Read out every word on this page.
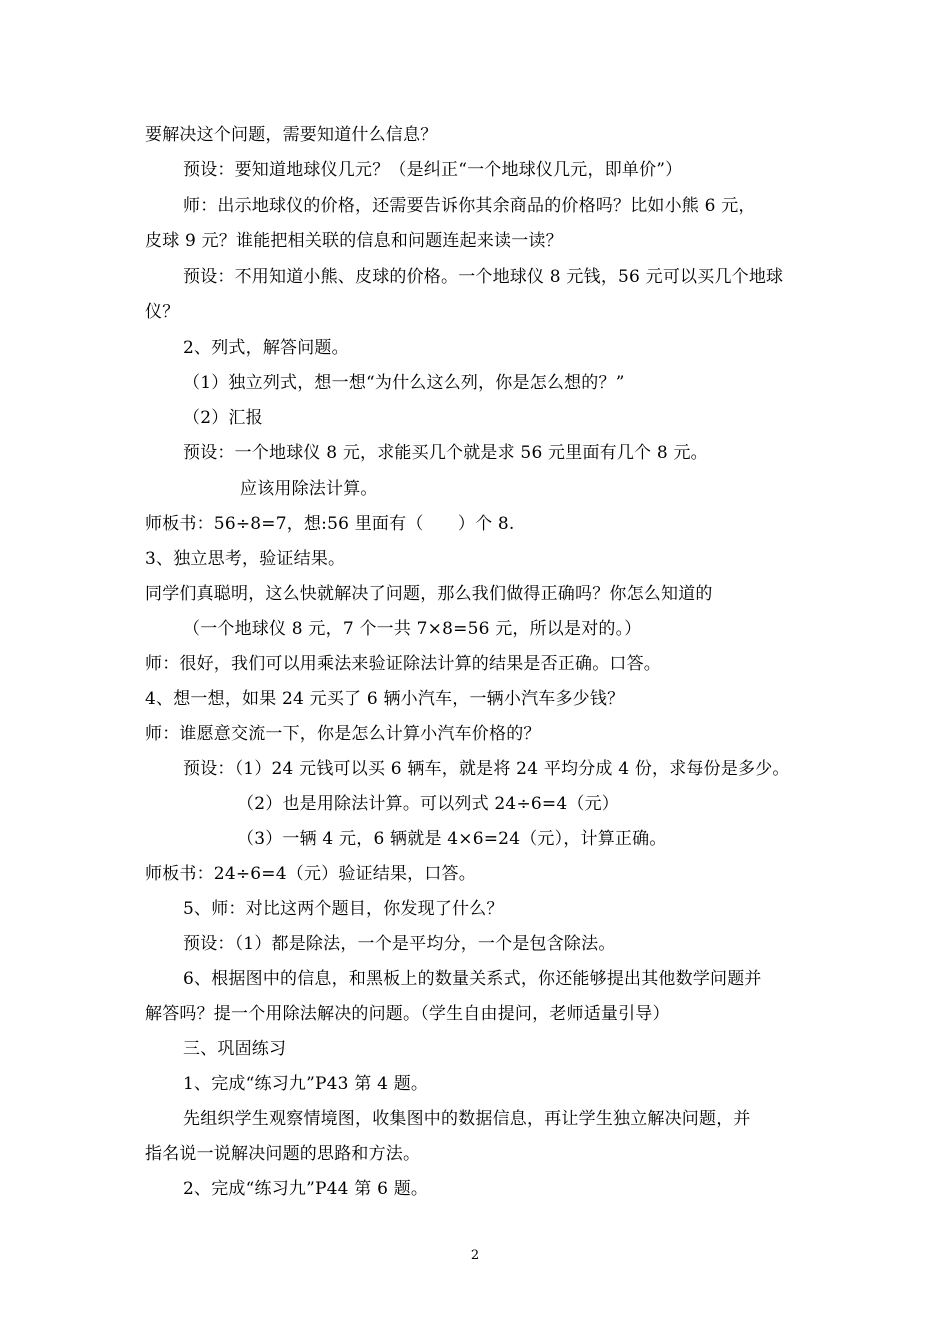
要解决这个问题，需要知道什么信息？
预设：要知道地球仪几元？（是纠正“一个地球仪几元，即单价”）
师：出示地球仪的价格，还需要告诉你其余商品的价格吗？比如小熊 6 元，
皮球 9 元？谁能把相关联的信息和问题连起来读一读？
预设：不用知道小熊、皮球的价格。一个地球仪 8 元钱，56 元可以买几个地球
仪？
2、列式，解答问题。
（1）独立列式，想一想“为什么这么列，你是怎么想的？”
（2）汇报
预设：一个地球仪 8 元，求能买几个就是求 56 元里面有几个 8 元。
应该用除法计算。
师板书：56÷8=7，想:56 里面有（　　）个 8.
3、独立思考，验证结果。
同学们真聪明，这么快就解决了问题，那么我们做得正确吗？你怎么知道的
（一个地球仪 8 元，7 个一共 7×8=56 元，所以是对的。）
师：很好，我们可以用乘法来验证除法计算的结果是否正确。口答。
4、想一想，如果 24 元买了 6 辆小汽车，一辆小汽车多少钱？
师：谁愿意交流一下，你是怎么计算小汽车价格的？
预设：（1）24 元钱可以买 6 辆车，就是将 24 平均分成 4 份，求每份是多少。
（2）也是用除法计算。可以列式 24÷6=4（元）
（3）一辆 4 元，6 辆就是 4×6=24（元），计算正确。
师板书：24÷6=4（元）验证结果，口答。
5、师：对比这两个题目，你发现了什么？
预设：（1）都是除法，一个是平均分，一个是包含除法。
6、根据图中的信息，和黑板上的数量关系式，你还能够提出其他数学问题并
解答吗？提一个用除法解决的问题。（学生自由提问，老师适量引导）
三、巩固练习
1、完成“练习九”P43 第 4 题。
先组织学生观察情境图，收集图中的数据信息，再让学生独立解决问题，并
指名说一说解决问题的思路和方法。
2、完成“练习九”P44 第 6 题。
2
